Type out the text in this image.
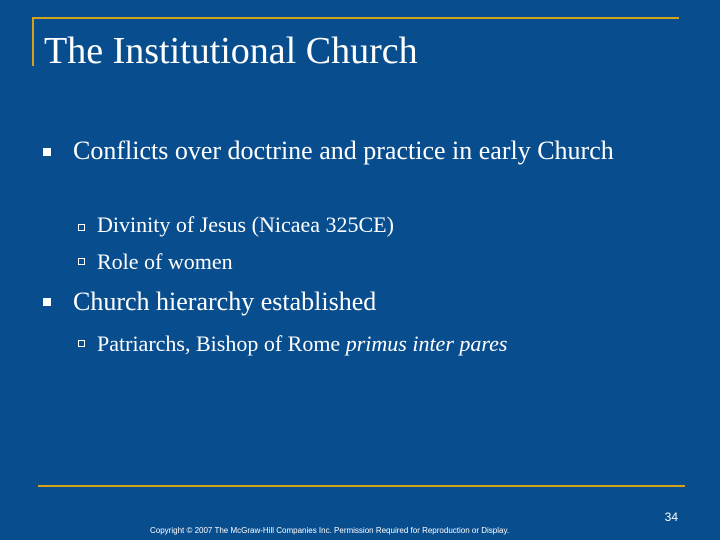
The Institutional Church
Conflicts over doctrine and practice in early Church
Divinity of Jesus (Nicaea 325CE)
Role of women
Church hierarchy established
Patriarchs, Bishop of Rome primus inter pares
34
Copyright © 2007 The McGraw-Hill Companies Inc. Permission Required for Reproduction or Display.
